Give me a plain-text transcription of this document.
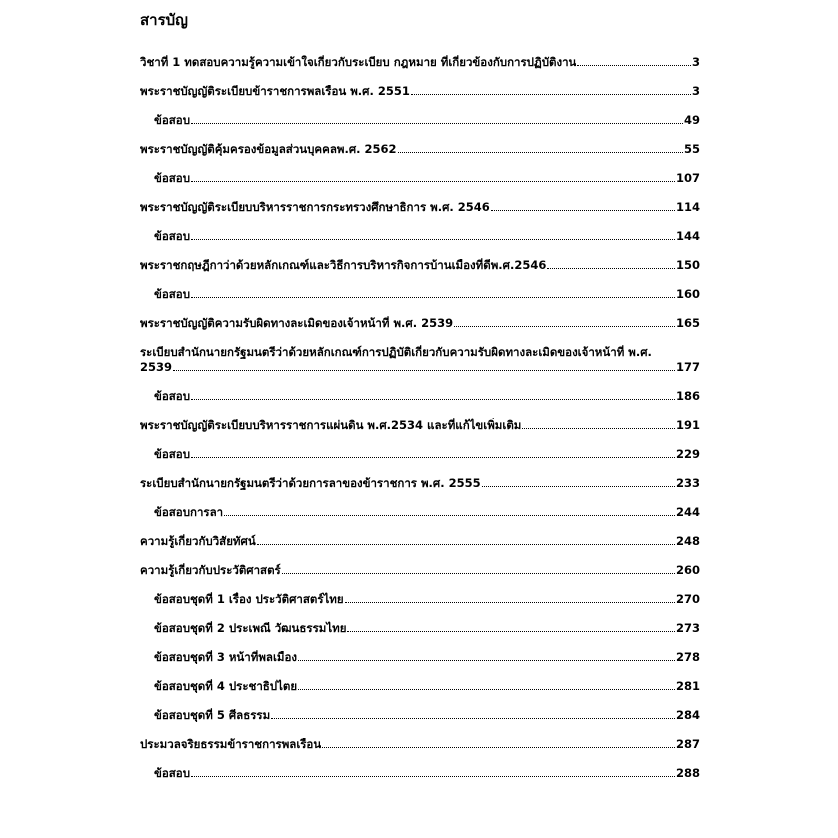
สารบัญ
วิชาที่ 1 ทดสอบความรู้ความเข้าใจเกี่ยวกับระเบียบ กฎหมาย ที่เกี่ยวข้องกับการปฏิบัติงาน	3
พระราชบัญญัติระเบียบข้าราชการพลเรือน พ.ศ. 2551	3
ข้อสอบ	49
พระราชบัญญัติคุ้มครองข้อมูลส่วนบุคคลพ.ศ. 2562	55
ข้อสอบ	107
พระราชบัญญัติระเบียบบริหารราชการกระทรวงศึกษาธิการ พ.ศ. 2546	114
ข้อสอบ	144
พระราชกฤษฎีกาว่าด้วยหลักเกณฑ์และวิธีการบริหารกิจการบ้านเมืองที่ดีพ.ศ.2546	150
ข้อสอบ	160
พระราชบัญญัติความรับผิดทางละเมิดของเจ้าหน้าที่ พ.ศ. 2539	165
ระเบียบสำนักนายกรัฐมนตรีว่าด้วยหลักเกณฑ์การปฏิบัติเกี่ยวกับความรับผิดทางละเมิดของเจ้าหน้าที่ พ.ศ.
2539	177
ข้อสอบ	186
พระราชบัญญัติระเบียบบริหารราชการแผ่นดิน พ.ศ.2534 และที่แก้ไขเพิ่มเติม	191
ข้อสอบ	229
ระเบียบสำนักนายกรัฐมนตรีว่าด้วยการลาของข้าราชการ พ.ศ. 2555	233
ข้อสอบการลา	244
ความรู้เกี่ยวกับวิสัยทัศน์	248
ความรู้เกี่ยวกับประวัติศาสตร์	260
ข้อสอบชุดที่ 1 เรื่อง ประวัติศาสตร์ไทย	270
ข้อสอบชุดที่ 2 ประเพณี วัฒนธรรมไทย	273
ข้อสอบชุดที่ 3 หน้าที่พลเมือง	278
ข้อสอบชุดที่ 4 ประชาธิปไตย	281
ข้อสอบชุดที่ 5 ศีลธรรม	284
ประมวลจริยธรรมข้าราชการพลเรือน	287
ข้อสอบ	288
